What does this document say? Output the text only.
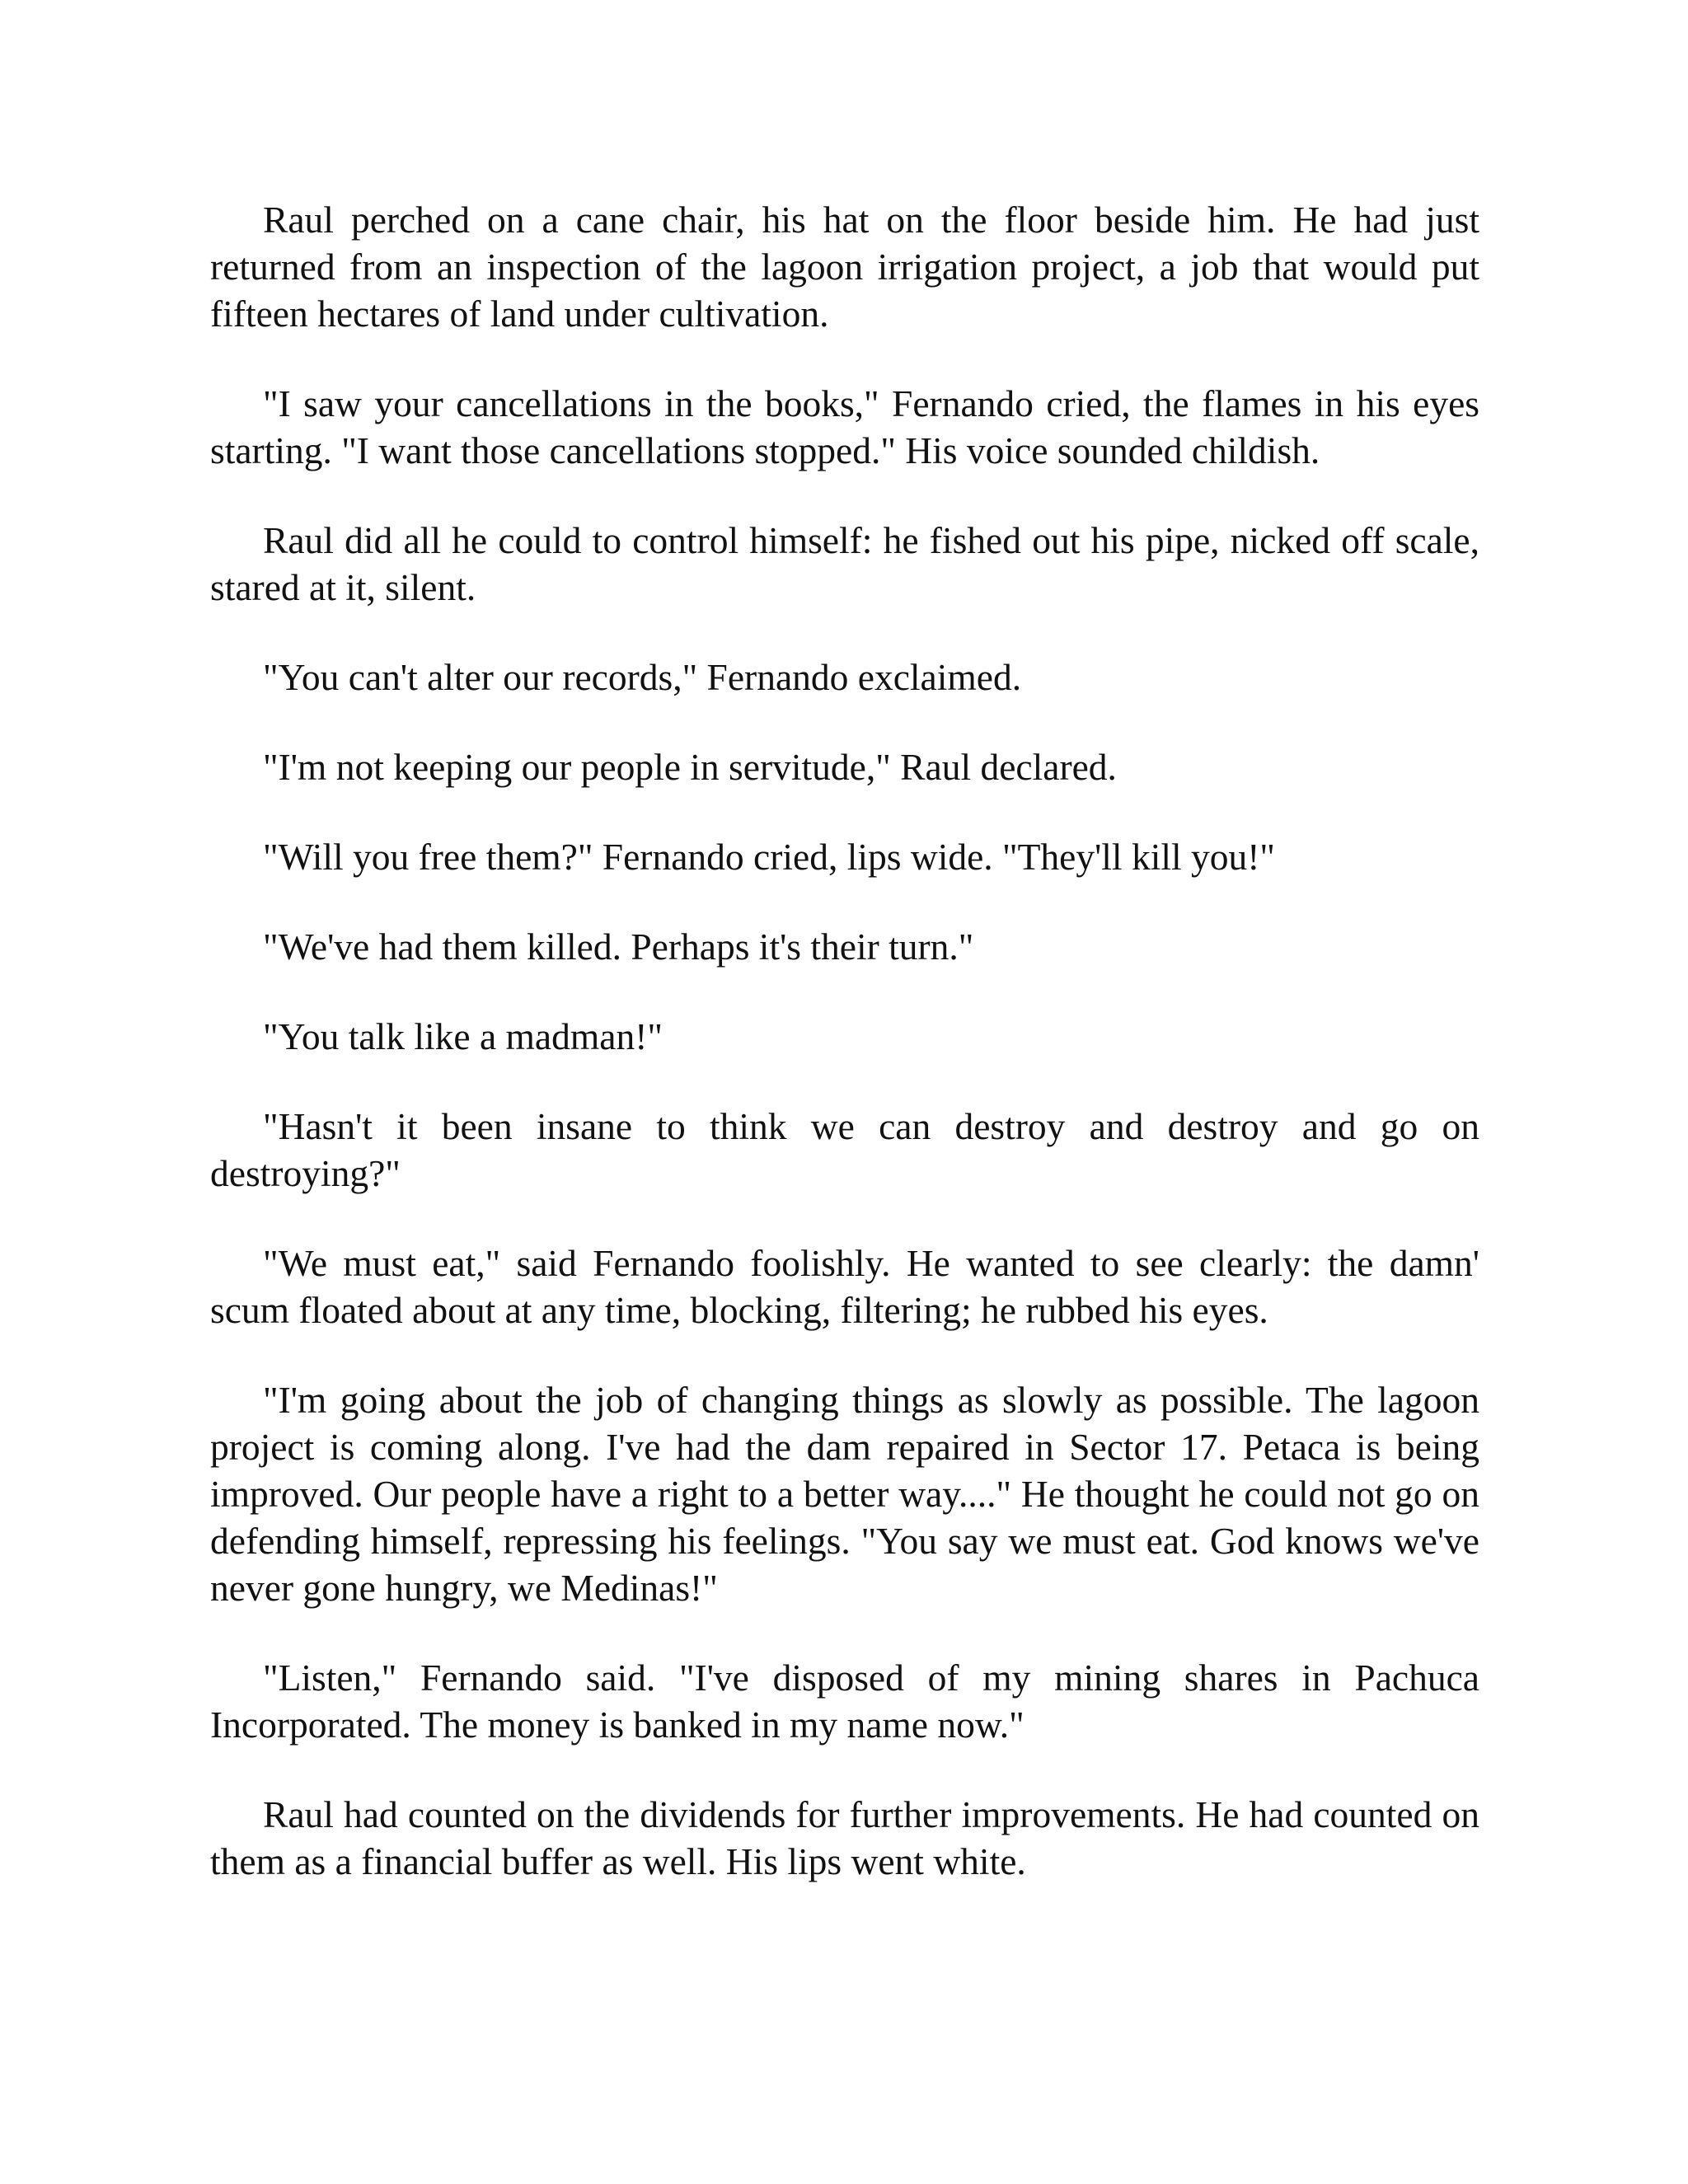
Raul perched on a cane chair, his hat on the floor beside him. He had just returned from an inspection of the lagoon irrigation project, a job that would put fifteen hectares of land under cultivation.

"I saw your cancellations in the books," Fernando cried, the flames in his eyes starting. "I want those cancellations stopped." His voice sounded childish.

Raul did all he could to control himself: he fished out his pipe, nicked off scale, stared at it, silent.

"You can't alter our records," Fernando exclaimed.

"I'm not keeping our people in servitude," Raul declared.

"Will you free them?" Fernando cried, lips wide. "They'll kill you!"

"We've had them killed. Perhaps it's their turn."

"You talk like a madman!"

"Hasn't it been insane to think we can destroy and destroy and go on destroying?"

"We must eat," said Fernando foolishly. He wanted to see clearly: the damn' scum floated about at any time, blocking, filtering; he rubbed his eyes.

"I'm going about the job of changing things as slowly as possible. The lagoon project is coming along. I've had the dam repaired in Sector 17. Petaca is being improved. Our people have a right to a better way...." He thought he could not go on defending himself, repressing his feelings. "You say we must eat. God knows we've never gone hungry, we Medinas!"

"Listen," Fernando said. "I've disposed of my mining shares in Pachuca Incorporated. The money is banked in my name now."

Raul had counted on the dividends for further improvements. He had counted on them as a financial buffer as well. His lips went white.
